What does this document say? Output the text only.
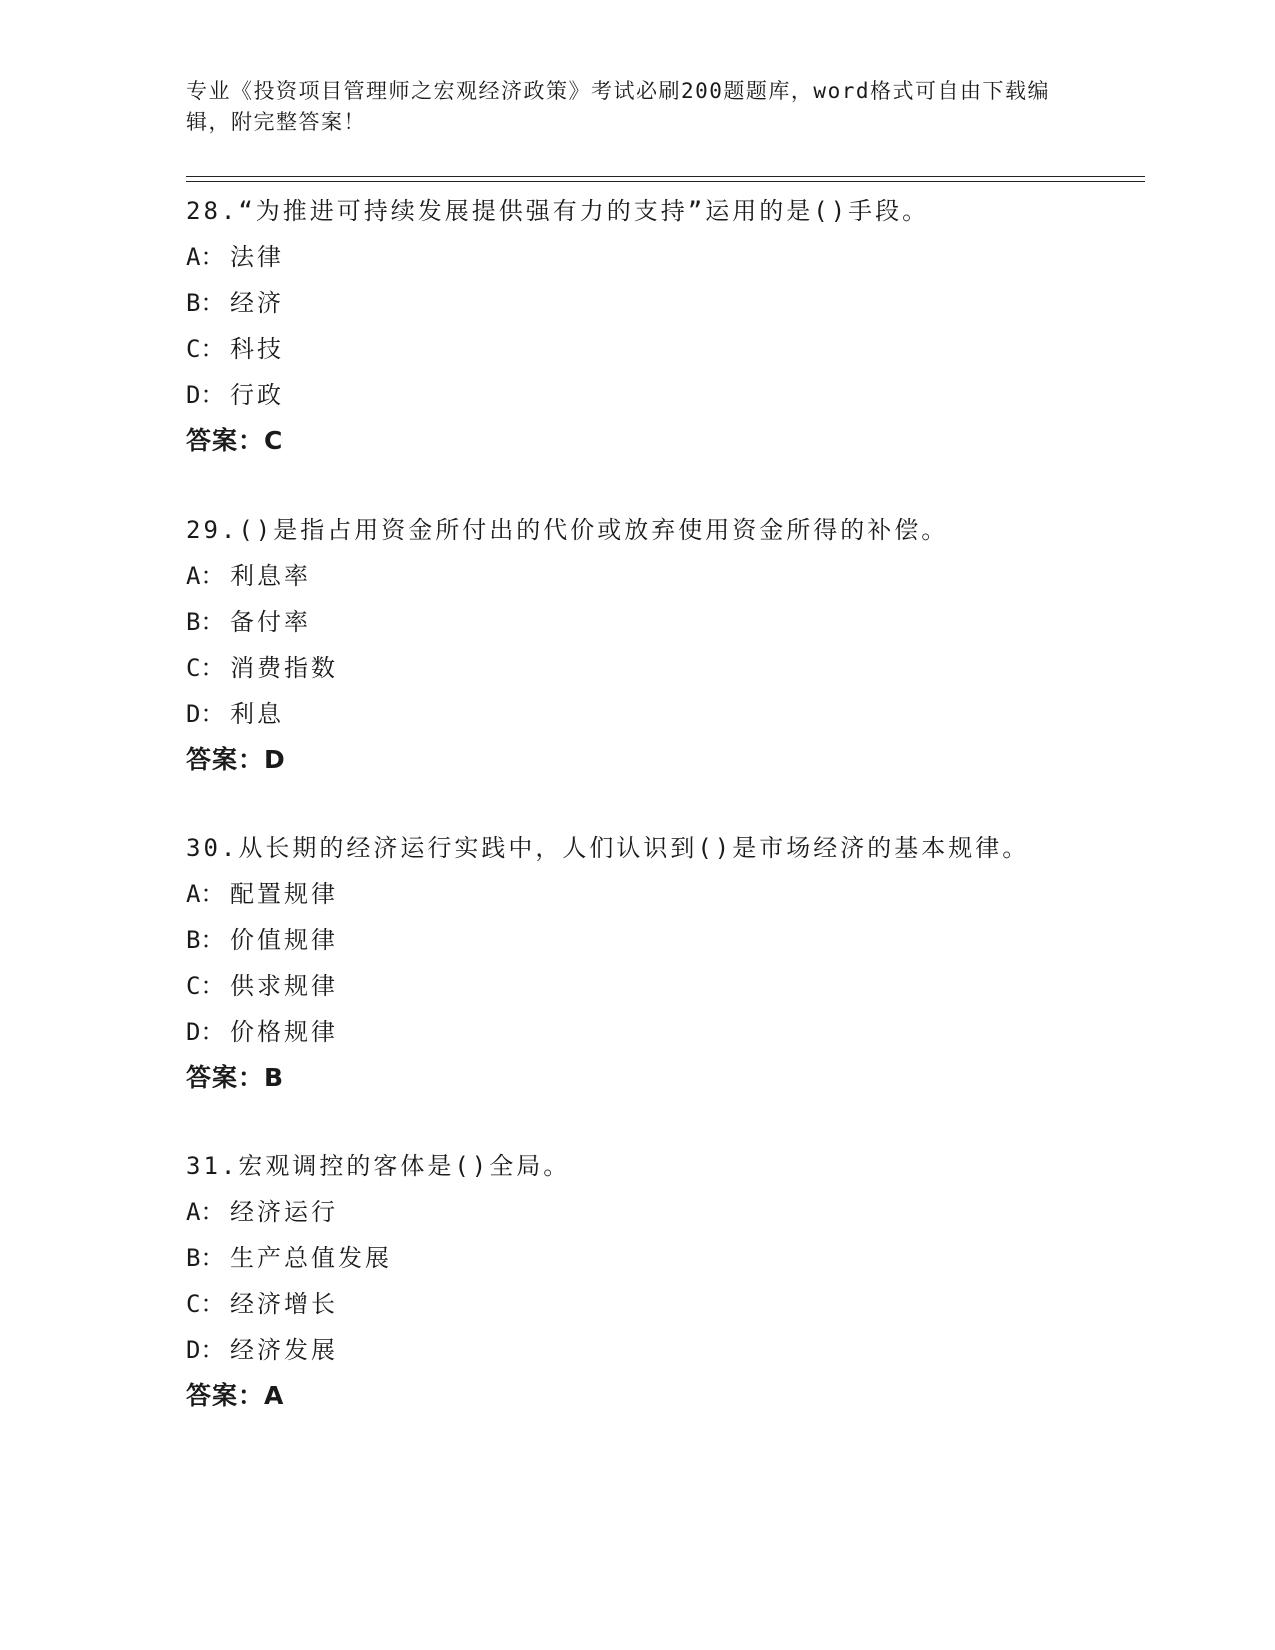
专业《投资项目管理师之宏观经济政策》考试必刷200题题库，word格式可自由下载编辑，附完整答案！
28.“为推进可持续发展提供强有力的支持”运用的是()手段。
A： 法律
B： 经济
C： 科技
D： 行政
答案：C
29.()是指占用资金所付出的代价或放弃使用资金所得的补偿。
A： 利息率
B： 备付率
C： 消费指数
D： 利息
答案：D
30.从长期的经济运行实践中，人们认识到()是市场经济的基本规律。
A： 配置规律
B： 价值规律
C： 供求规律
D： 价格规律
答案：B
31.宏观调控的客体是()全局。
A： 经济运行
B： 生产总值发展
C： 经济增长
D： 经济发展
答案：A
